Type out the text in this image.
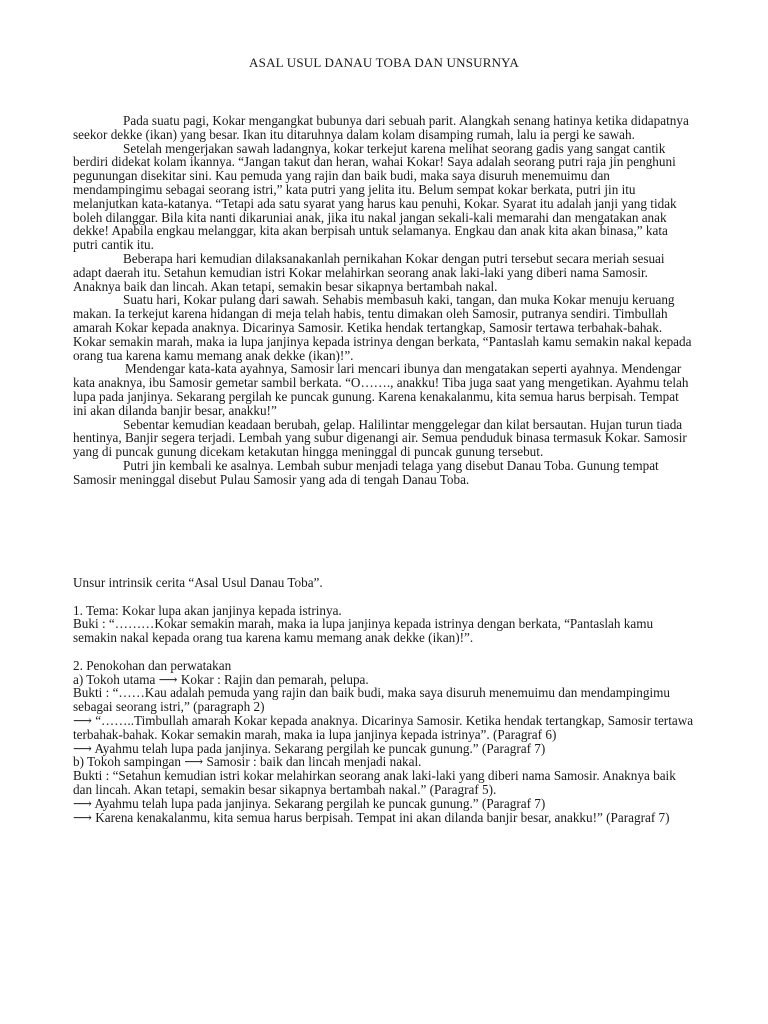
ASAL USUL DANAU TOBA DAN UNSURNYA

Pada suatu pagi, Kokar mengangkat bubunya dari sebuah parit. Alangkah senang hatinya ketika didapatnya seekor dekke (ikan) yang besar. Ikan itu ditaruhnya dalam kolam disamping rumah, lalu ia pergi ke sawah.

Setelah mengerjakan sawah ladangnya, kokar terkejut karena melihat seorang gadis yang sangat cantik berdiri didekat kolam ikannya. “Jangan takut dan heran, wahai Kokar! Saya adalah seorang putri raja jin penghuni pegunungan disekitar sini. Kau pemuda yang rajin dan baik budi, maka saya disuruh menemuimu dan mendampingimu sebagai seorang istri,” kata putri yang jelita itu. Belum sempat kokar berkata, putri jin itu melanjutkan kata-katanya. “Tetapi ada satu syarat yang harus kau penuhi, Kokar. Syarat itu adalah janji yang tidak boleh dilanggar. Bila kita nanti dikaruniai anak, jika itu nakal jangan sekali-kali memarahi dan mengatakan anak dekke! Apabila engkau melanggar, kita akan berpisah untuk selamanya. Engkau dan anak kita akan binasa,” kata putri cantik itu.

Beberapa hari kemudian dilaksanakanlah pernikahan Kokar dengan putri tersebut secara meriah sesuai adapt daerah itu. Setahun kemudian istri Kokar melahirkan seorang anak laki-laki yang diberi nama Samosir. Anaknya baik dan lincah. Akan tetapi, semakin besar sikapnya bertambah nakal.

Suatu hari, Kokar pulang dari sawah. Sehabis membasuh kaki, tangan, dan muka Kokar menuju keruang makan. Ia terkejut karena hidangan di meja telah habis, tentu dimakan oleh Samosir, putranya sendiri. Timbullah amarah Kokar kepada anaknya. Dicarinya Samosir. Ketika hendak tertangkap, Samosir tertawa terbahak-bahak. Kokar semakin marah, maka ia lupa janjinya kepada istrinya dengan berkata, “Pantaslah kamu semakin nakal kepada orang tua karena kamu memang anak dekke (ikan)!”.

Mendengar kata-kata ayahnya, Samosir lari mencari ibunya dan mengatakan seperti ayahnya. Mendengar kata anaknya, ibu Samosir gemetar sambil berkata. “O……., anakku! Tiba juga saat yang mengetikan. Ayahmu telah lupa pada janjinya. Sekarang pergilah ke puncak gunung. Karena kenakalanmu, kita semua harus berpisah. Tempat ini akan dilanda banjir besar, anakku!”

Sebentar kemudian keadaan berubah, gelap. Halilintar menggelegar dan kilat bersautan. Hujan turun tiada hentinya, Banjir segera terjadi. Lembah yang subur digenangi air. Semua penduduk binasa termasuk Kokar. Samosir yang di puncak gunung dicekam ketakutan hingga meninggal di puncak gunung tersebut.

Putri jin kembali ke asalnya. Lembah subur menjadi telaga yang disebut Danau Toba. Gunung tempat Samosir meninggal disebut Pulau Samosir yang ada di tengah Danau Toba.

Unsur intrinsik cerita “Asal Usul Danau Toba”.

1. Tema: Kokar lupa akan janjinya kepada istrinya.

Buki : “………Kokar semakin marah, maka ia lupa janjinya kepada istrinya dengan berkata, “Pantaslah kamu semakin nakal kepada orang tua karena kamu memang anak dekke (ikan)!”.

2. Penokohan dan perwatakan

a) Tokoh utama ⟶ Kokar : Rajin dan pemarah, pelupa.

Bukti : “……Kau adalah pemuda yang rajin dan baik budi, maka saya disuruh menemuimu dan mendampingimu sebagai seorang istri,” (paragraph 2)

⟶ “……..Timbullah amarah Kokar kepada anaknya. Dicarinya Samosir. Ketika hendak tertangkap, Samosir tertawa terbahak-bahak. Kokar semakin marah, maka ia lupa janjinya kepada istrinya”. (Paragraf 6)

⟶ Ayahmu telah lupa pada janjinya. Sekarang pergilah ke puncak gunung.” (Paragraf 7)

b) Tokoh sampingan ⟶ Samosir : baik dan lincah menjadi nakal.

Bukti : “Setahun kemudian istri kokar melahirkan seorang anak laki-laki yang diberi nama Samosir. Anaknya baik dan lincah. Akan tetapi, semakin besar sikapnya bertambah nakal.” (Paragraf 5).

⟶ Ayahmu telah lupa pada janjinya. Sekarang pergilah ke puncak gunung.” (Paragraf 7)

⟶ Karena kenakalanmu, kita semua harus berpisah. Tempat ini akan dilanda banjir besar, anakku!” (Paragraf 7)
